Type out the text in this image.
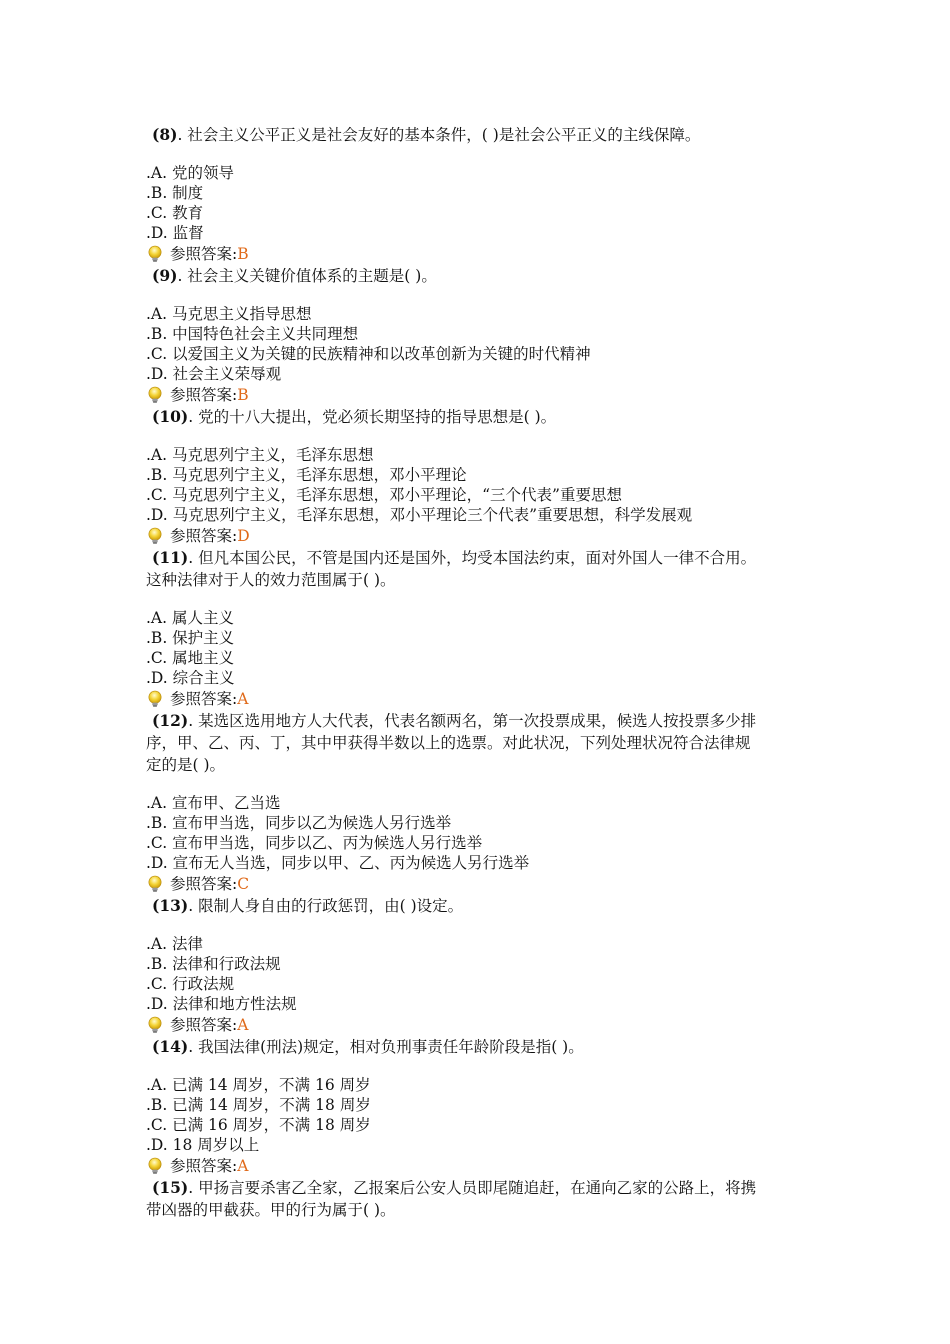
(8). 社会主义公平正义是社会友好的基本条件，( )是社会公平正义的主线保障。
.A. 党的领导
.B. 制度
.C. 教育
.D. 监督
参照答案: B
(9). 社会主义关键价值体系的主题是( )。
.A. 马克思主义指导思想
.B. 中国特色社会主义共同理想
.C. 以爱国主义为关键的民族精神和以改革创新为关键的时代精神
.D. 社会主义荣辱观
参照答案: B
(10). 党的十八大提出，党必须长期坚持的指导思想是( )。
.A. 马克思列宁主义，毛泽东思想
.B. 马克思列宁主义，毛泽东思想，邓小平理论
.C. 马克思列宁主义，毛泽东思想，邓小平理论，“三个代表”重要思想
.D. 马克思列宁主义，毛泽东思想，邓小平理论三个代表”重要思想，科学发展观
参照答案: D
(11). 但凡本国公民，不管是国内还是国外，均受本国法约束，面对外国人一律不合用。
这种法律对于人的效力范围属于( )。
.A. 属人主义
.B. 保护主义
.C. 属地主义
.D. 综合主义
参照答案: A
(12). 某选区选用地方人大代表，代表名额两名，第一次投票成果，候选人按投票多少排
序，甲、乙、丙、丁，其中甲获得半数以上的选票。对此状况，下列处理状况符合法律规
定的是( )。
.A. 宣布甲、乙当选
.B. 宣布甲当选，同步以乙为候选人另行选举
.C. 宣布甲当选，同步以乙、丙为候选人另行选举
.D. 宣布无人当选，同步以甲、乙、丙为候选人另行选举
参照答案: C
(13). 限制人身自由的行政惩罚，由( )设定。
.A. 法律
.B. 法律和行政法规
.C. 行政法规
.D. 法律和地方性法规
参照答案: A
(14). 我国法律(刑法)规定，相对负刑事责任年龄阶段是指( )。
.A. 已满 14 周岁，不满 16 周岁
.B. 已满 14 周岁，不满 18 周岁
.C. 已满 16 周岁，不满 18 周岁
.D. 18 周岁以上
参照答案: A
(15). 甲扬言要杀害乙全家，乙报案后公安人员即尾随追赶，在通向乙家的公路上，将携
带凶器的甲截获。甲的行为属于( )。
